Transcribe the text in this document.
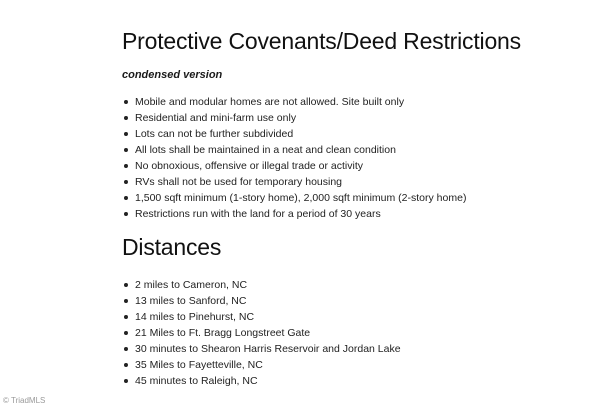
Protective Covenants/Deed Restrictions
condensed version
Mobile and modular homes are not allowed. Site built only
Residential and mini-farm use only
Lots can not be further subdivided
All lots shall be maintained in a neat and clean condition
No obnoxious, offensive or illegal trade or activity
RVs shall not be used for temporary housing
1,500 sqft minimum (1-story home), 2,000 sqft minimum (2-story home)
Restrictions run with the land for a period of 30 years
Distances
2 miles to Cameron, NC
13 miles to Sanford, NC
14 miles to Pinehurst, NC
21 Miles to Ft. Bragg Longstreet Gate
30 minutes to Shearon Harris Reservoir and Jordan Lake
35 Miles to Fayetteville, NC
45 minutes to Raleigh, NC
© TriadMLS
